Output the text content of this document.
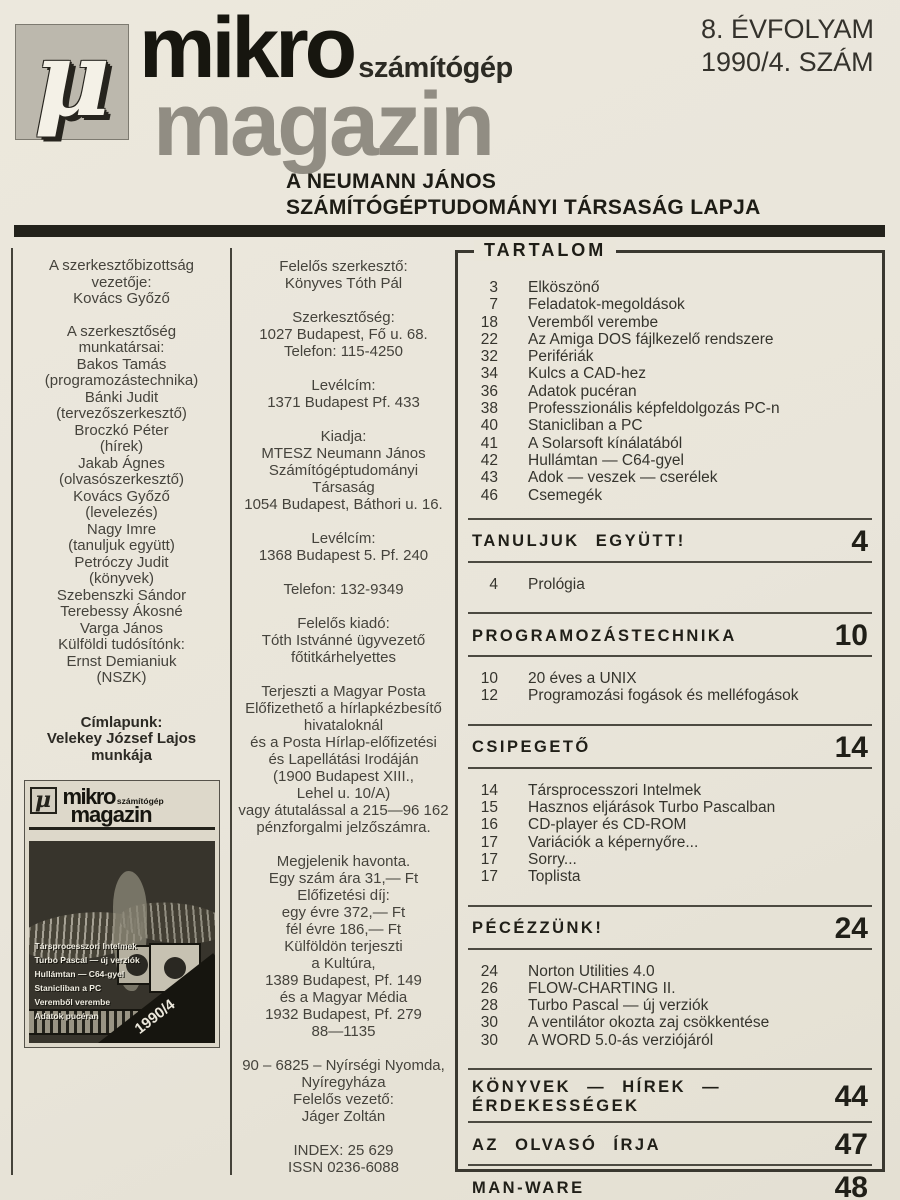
μ mikro számítógép
magazin
8. ÉVFOLYAM
1990/4. SZÁM
A NEUMANN JÁNOS
SZÁMÍTÓGÉPTUDOMÁNYI TÁRSASÁG LAPJA
A szerkesztőbizottság
vezetője:
Kovács Győző
A szerkesztőség
munkatársai:
Bakos Tamás
(programozástechnika)
Bánki Judit
(tervezőszerkesztő)
Broczkó Péter
(hírek)
Jakab Ágnes
(olvasószerkesztő)
Kovács Győző
(levelezés)
Nagy Imre
(tanuljuk együtt)
Petróczy Judit
(könyvek)
Szebenszki Sándor
Terebessy Ákosné
Varga János
Külföldi tudósítónk:
Ernst Demianiuk
(NSZK)
Címlapunk:
Velekey József Lajos
munkája
μ mikro számítógép
magazin
Társprocesszori Intelmek
Turbo Pascal — új verziók
Hullámtan — C64-gyel
Stanicliban a PC
Veremből verembe
Adatok pucéran	1990/4
Felelős szerkesztő:
Könyves Tóth Pál
Szerkesztőség:
1027 Budapest, Fő u. 68.
Telefon: 115-4250
Levélcím:
1371 Budapest Pf. 433
Kiadja:
MTESZ Neumann János
Számítógéptudományi
Társaság
1054 Budapest, Báthori u. 16.
Levélcím:
1368 Budapest 5. Pf. 240
Telefon: 132-9349
Felelős kiadó:
Tóth Istvánné ügyvezető
főtitkárhelyettes
Terjeszti a Magyar Posta
Előfizethető a hírlapkézbesítő
hivataloknál
és a Posta Hírlap-előfizetési
és Lapellátási Irodáján
(1900 Budapest XIII.,
Lehel u. 10/A)
vagy átutalással a 215—96 162
pénzforgalmi jelzőszámra.
Megjelenik havonta.
Egy szám ára 31,— Ft
Előfizetési díj:
egy évre 372,— Ft
fél évre 186,— Ft
Külföldön terjeszti
a Kultúra,
1389 Budapest, Pf. 149
és a Magyar Média
1932 Budapest, Pf. 279
88—1135
90 – 6825 – Nyírségi Nyomda,
Nyíregyháza
Felelős vezető:
Jáger Zoltán
INDEX: 25 629
ISSN 0236-6088
TARTALOM
3 Elköszönő
7 Feladatok-megoldások
18 Veremből verembe
22 Az Amiga DOS fájlkezelő rendszere
32 Perifériák
34 Kulcs a CAD-hez
36 Adatok pucéran
38 Professzionális képfeldolgozás PC-n
40 Stanicliban a PC
41 A Solarsoft kínálatából
42 Hullámtan — C64-gyel
43 Adok — veszek — cserélek
46 Csemegék
TANULJUK EGYÜTT!	4
4 Prológia
PROGRAMOZÁSTECHNIKA	10
10 20 éves a UNIX
12 Programozási fogások és melléfogások
CSIPEGETŐ	14
14 Társprocesszori Intelmek
15 Hasznos eljárások Turbo Pascalban
16 CD-player és CD-ROM
17 Variációk a képernyőre...
17 Sorry...
17 Toplista
PÉCÉZZÜNK!	24
24 Norton Utilities 4.0
26 FLOW-CHARTING II.
28 Turbo Pascal — új verziók
30 A ventilátor okozta zaj csökkentése
30 A WORD 5.0-ás verziójáról
KÖNYVEK — HÍREK — ÉRDEKESSÉGEK	44
AZ OLVASÓ ÍRJA	47
MAN-WARE	48
